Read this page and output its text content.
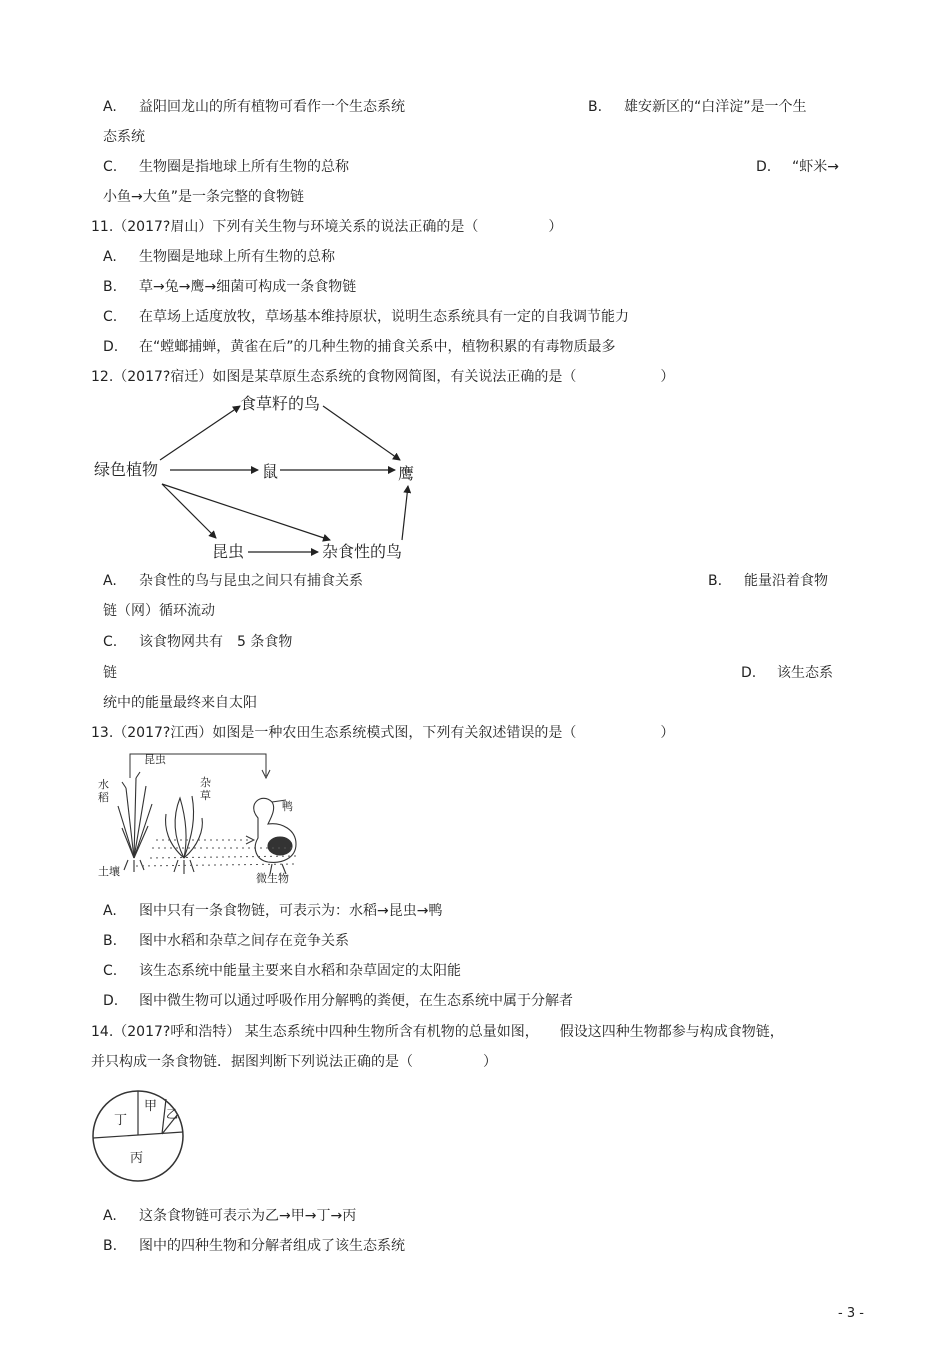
A. 益阳回龙山的所有植物可看作一个生态系统	B. 雄安新区的“白洋淀”是一个生
态系统
C. 生物圈是指地球上所有生物的总称	D. “虾米→
小鱼→大鱼”是一条完整的食物链
11.（2017?眉山）下列有关生物与环境关系的说法正确的是（　　　　　）
A. 生物圈是地球上所有生物的总称
B. 草→兔→鹰→细菌可构成一条食物链
C. 在草场上适度放牧，草场基本维持原状，说明生态系统具有一定的自我调节能力
D. 在“螳螂捕蝉，黄雀在后”的几种生物的捕食关系中，植物积累的有毒物质最多
12.（2017?宿迁）如图是某草原生态系统的食物网简图，有关说法正确的是（　　　　　　）
绿色植物
食草籽的鸟
鼠	鹰
昆虫	杂食性的鸟
A. 杂食性的鸟与昆虫之间只有捕食关系	B. 能量沿着食物
链（网）循环流动
C. 该食物网共有　5 条食物
链	D. 该生态系
统中的能量最终来自太阳
13.（2017?江西）如图是一种农田生态系统模式图，下列有关叙述错误的是（　　　　　　）
昆虫
水
稻
杂
草
鸭
土壤
微生物
A. 图中只有一条食物链，可表示为：水稻→昆虫→鸭
B. 图中水稻和杂草之间存在竞争关系
C. 该生态系统中能量主要来自水稻和杂草固定的太阳能
D. 图中微生物可以通过呼吸作用分解鸭的粪便，在生态系统中属于分解者
14.（2017?呼和浩特） 某生态系统中四种生物所含有机物的总量如图，　　假设这四种生物都参与构成食物链，
并只构成一条食物链．据图判断下列说法正确的是（　　　　　）
甲 乙
丁
丙
A. 这条食物链可表示为乙→甲→丁→丙
B. 图中的四种生物和分解者组成了该生态系统
- 3 -
